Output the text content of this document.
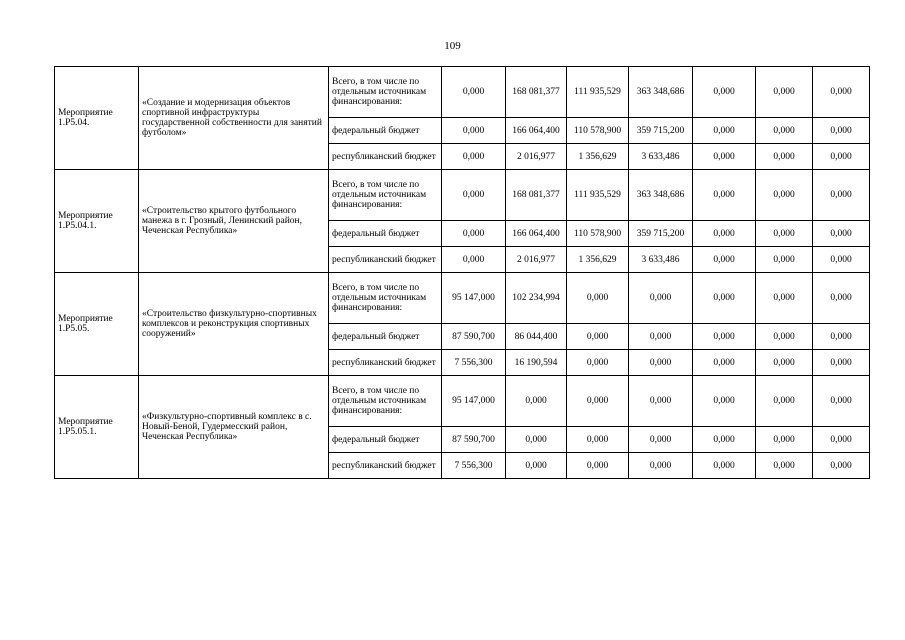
109
Мероприятие 1.Р5.04.	«Создание и модернизация объектов спортивной инфраструктуры государственной собственности для занятий футболом»	Всего, в том числе по отдельным источникам финансирования:	0,000	168 081,377	111 935,529	363 348,686	0,000	0,000	0,000
		федеральный бюджет	0,000	166 064,400	110 578,900	359 715,200	0,000	0,000	0,000
		республиканский бюджет	0,000	2 016,977	1 356,629	3 633,486	0,000	0,000	0,000
Мероприятие 1.Р5.04.1.	«Строительство крытого футбольного манежа в г. Грозный, Ленинский район, Чеченская Республика»	Всего, в том числе по отдельным источникам финансирования:	0,000	168 081,377	111 935,529	363 348,686	0,000	0,000	0,000
		федеральный бюджет	0,000	166 064,400	110 578,900	359 715,200	0,000	0,000	0,000
		республиканский бюджет	0,000	2 016,977	1 356,629	3 633,486	0,000	0,000	0,000
Мероприятие 1.Р5.05.	«Строительство физкультурно-спортивных комплексов и реконструкция спортивных сооружений»	Всего, в том числе по отдельным источникам финансирования:	95 147,000	102 234,994	0,000	0,000	0,000	0,000	0,000
		федеральный бюджет	87 590,700	86 044,400	0,000	0,000	0,000	0,000	0,000
		республиканский бюджет	7 556,300	16 190,594	0,000	0,000	0,000	0,000	0,000
Мероприятие 1.Р5.05.1.	«Физкультурно-спортивный комплекс в с. Новый-Беной, Гудермесский район, Чеченская Республика»	Всего, в том числе по отдельным источникам финансирования:	95 147,000	0,000	0,000	0,000	0,000	0,000	0,000
		федеральный бюджет	87 590,700	0,000	0,000	0,000	0,000	0,000	0,000
		республиканский бюджет	7 556,300	0,000	0,000	0,000	0,000	0,000	0,000
